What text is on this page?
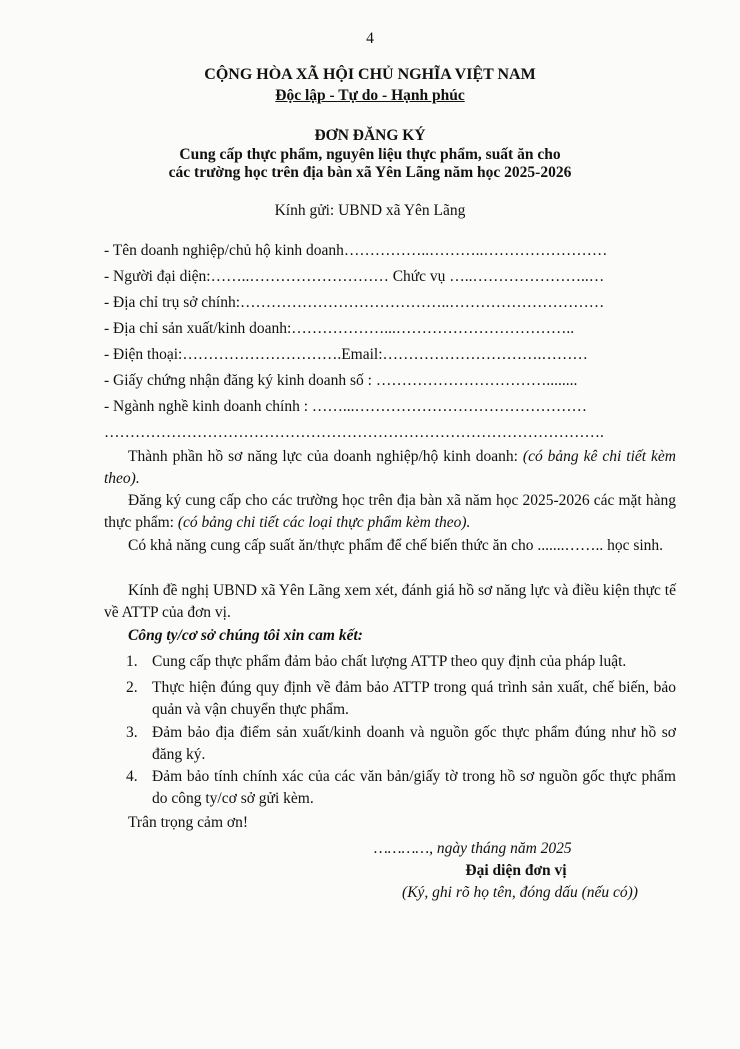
4
CỘNG HÒA XÃ HỘI CHỦ NGHĨA VIỆT NAM
Độc lập - Tự do - Hạnh phúc
ĐƠN ĐĂNG KÝ
Cung cấp thực phẩm, nguyên liệu thực phẩm, suất ăn cho
các trường học trên địa bàn xã Yên Lãng năm học 2025-2026
Kính gửi: UBND xã Yên Lãng
- Tên doanh nghiệp/chủ hộ kinh doanh……………..………..……………………
- Người đại diện:……..……………………… Chức vụ …..…………………..…
- Địa chỉ trụ sở chính:…………………………………..…………………………
- Địa chỉ sản xuất/kinh doanh:………………...……………………………..
- Điện thoại:………………………….Email:………………………….………
- Giấy chứng nhận đăng ký kinh doanh số : ……………………………........
- Ngành nghề kinh doanh chính : ……...………………………………………
…………………………………………………………………………………….
Thành phần hồ sơ năng lực của doanh nghiệp/hộ kinh doanh: (có bảng kê chi tiết kèm theo).
Đăng ký cung cấp cho các trường học trên địa bàn xã năm học 2025-2026 các mặt hàng thực phẩm: (có bảng chi tiết các loại thực phẩm kèm theo).
Có khả năng cung cấp suất ăn/thực phẩm để chế biến thức ăn cho .......…….. học sinh.
Kính đề nghị UBND xã Yên Lãng xem xét, đánh giá hồ sơ năng lực và điều kiện thực tế về ATTP của đơn vị.
Công ty/cơ sở chúng tôi xin cam kết:
1. Cung cấp thực phẩm đảm bảo chất lượng ATTP theo quy định của pháp luật.
2. Thực hiện đúng quy định về đảm bảo ATTP trong quá trình sản xuất, chế biến, bảo quản và vận chuyển thực phẩm.
3. Đảm bảo địa điểm sản xuất/kinh doanh và nguồn gốc thực phẩm đúng như hồ sơ đăng ký.
4. Đảm bảo tính chính xác của các văn bản/giấy tờ trong hồ sơ nguồn gốc thực phẩm do công ty/cơ sở gửi kèm.
Trân trọng cảm ơn!
…………, ngày tháng năm 2025
Đại diện đơn vị
(Ký, ghi rõ họ tên, đóng dấu (nếu có))
